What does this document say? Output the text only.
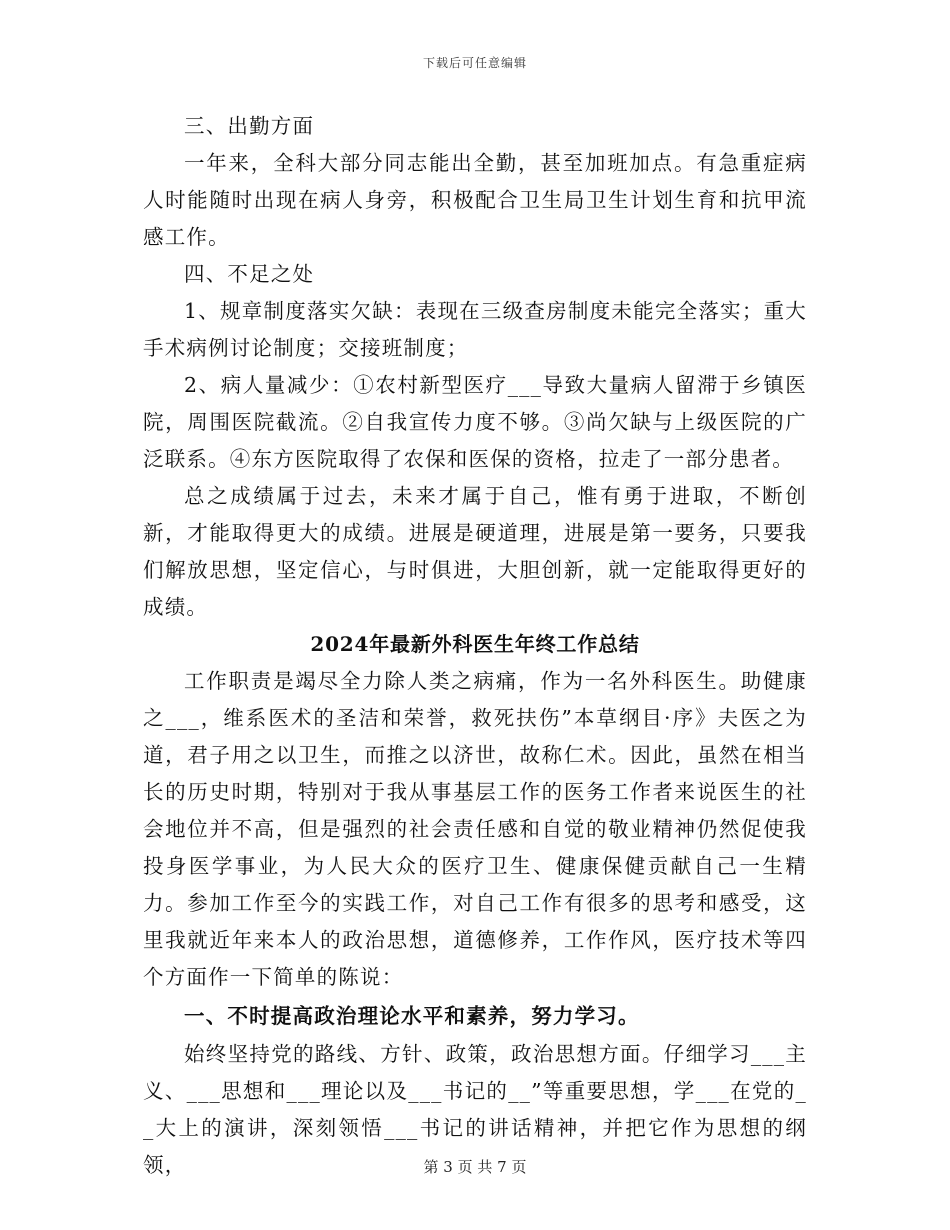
下载后可任意编辑

三、出勤方面

一年来，全科大部分同志能出全勤，甚至加班加点。有急重症病人时能随时出现在病人身旁，积极配合卫生局卫生计划生育和抗甲流感工作。

四、不足之处

1、规章制度落实欠缺：表现在三级查房制度未能完全落实；重大手术病例讨论制度；交接班制度；

2、病人量减少：①农村新型医疗___导致大量病人留滞于乡镇医院，周围医院截流。②自我宣传力度不够。③尚欠缺与上级医院的广泛联系。④东方医院取得了农保和医保的资格，拉走了一部分患者。

总之成绩属于过去，未来才属于自己，惟有勇于进取，不断创新，才能取得更大的成绩。进展是硬道理，进展是第一要务，只要我们解放思想，坚定信心，与时俱进，大胆创新，就一定能取得更好的成绩。

2024年最新外科医生年终工作总结

工作职责是竭尽全力除人类之病痛，作为一名外科医生。助健康之___，维系医术的圣洁和荣誉，救死扶伤”本草纲目·序》夫医之为道，君子用之以卫生，而推之以济世，故称仁术。因此，虽然在相当长的历史时期，特别对于我从事基层工作的医务工作者来说医生的社会地位并不高，但是强烈的社会责任感和自觉的敬业精神仍然促使我投身医学事业，为人民大众的医疗卫生、健康保健贡献自己一生精力。参加工作至今的实践工作，对自己工作有很多的思考和感受，这里我就近年来本人的政治思想，道德修养，工作作风，医疗技术等四个方面作一下简单的陈说：

一、不时提高政治理论水平和素养，努力学习。

始终坚持党的路线、方针、政策，政治思想方面。仔细学习___主义、___思想和___理论以及___书记的__”等重要思想，学___在党的__大上的演讲，深刻领悟___书记的讲话精神，并把它作为思想的纲领，	第 3 页 共 7 页
